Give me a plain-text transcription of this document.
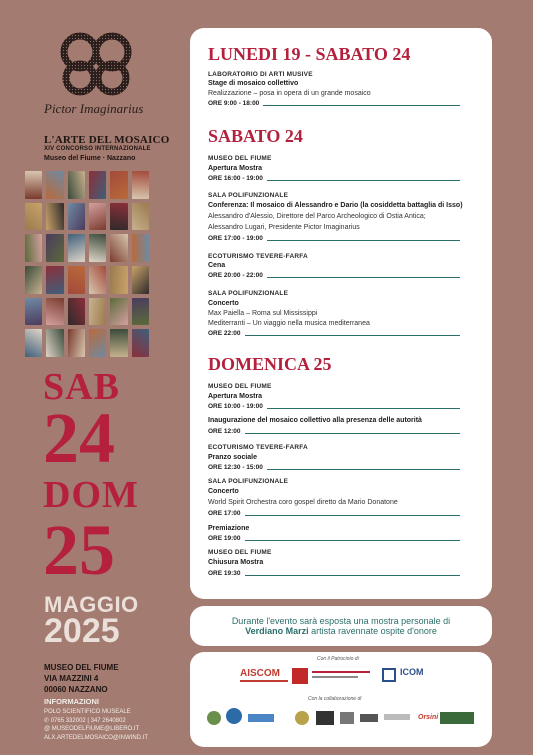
Pictor Imaginarius
L'ARTE DEL MOSAICO
XIV CONCORSO INTERNAZIONALE
Museo del Fiume · Nazzano
SAB
24
DOM
25
MAGGIO
2025
MUSEO DEL FIUME
VIA MAZZINI 4
00060 NAZZANO
INFORMAZIONI
POLO SCIENTIFICO MUSEALE
✆ 0765 332002 | 347 2640802
@ MUSEODELFIUME@LIBERO.IT
ALX.ARTEDELMOSAICO@INWIND.IT
LUNEDI 19 - SABATO 24
LABORATORIO DI ARTI MUSIVE
Stage di mosaico collettivo
Realizzazione – posa in opera di un grande mosaico
ORE 9:00 - 18:00
SABATO 24
MUSEO DEL FIUME
Apertura Mostra
ORE 16:00 - 19:00
SALA POLIFUNZIONALE
Conferenza: Il mosaico di Alessandro e Dario (la cosiddetta battaglia di Isso)
Alessandro d'Alessio, Direttore del Parco Archeologico di Ostia Antica;
Alessandro Lugari, Presidente Pictor Imaginarius
ORE 17:00 - 19:00
ECOTURISMO TEVERE-FARFA
Cena
ORE 20:00 - 22:00
SALA POLIFUNZIONALE
Concerto
Max Paiella – Roma sul Mississippi
Mediterranti – Un viaggio nella musica mediterranea
ORE 22:00
DOMENICA 25
MUSEO DEL FIUME
Apertura Mostra
ORE 10:00 - 19:00
Inaugurazione del mosaico collettivo alla presenza delle autorità
ORE 12:00
ECOTURISMO TEVERE-FARFA
Pranzo sociale
ORE 12:30 - 15:00
SALA POLIFUNZIONALE
Concerto
World Spirit Orchestra coro gospel diretto da Mario Donatone
ORE 17:00
Premiazione
ORE 19:00
MUSEO DEL FIUME
Chiusura Mostra
ORE 19:30
Durante l'evento sarà esposta una mostra personale di
Verdiano Marzi artista ravennate ospite d'onore
Con il Patrocinio di
AISCOM	ICOM
Con la collaborazione di
Orsini
